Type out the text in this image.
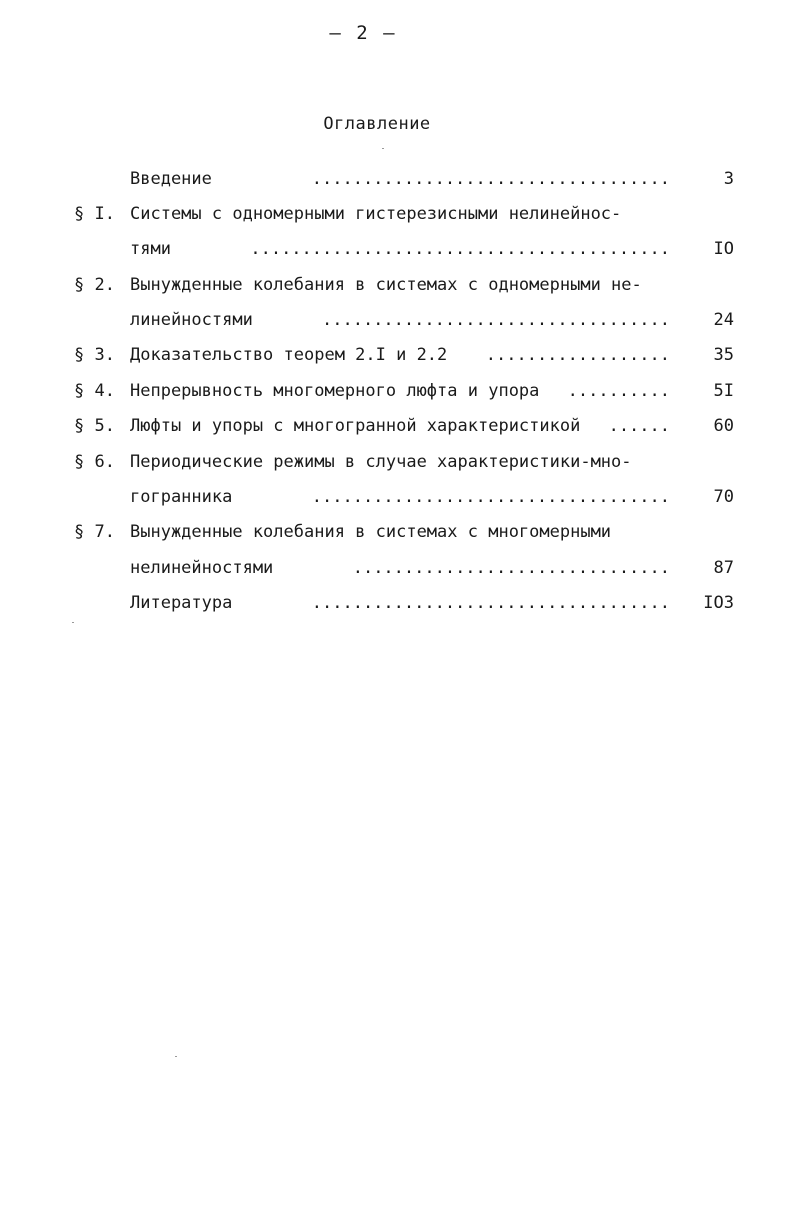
– 2 –
Оглавление
Введение	...................................	3
§ I. Системы с одномерными гистерезисными нелинейнос-
тями	.........................................	IO
§ 2. Вынужденные колебания в системах с одномерными не-
линейностями	..................................	24
§ 3. Доказательство теорем 2.I и 2.2 ..................	35
§ 4. Непрерывность многомерного люфта и упора ..........	5I
§ 5. Люфты и упоры с многогранной характеристикой ......	60
§ 6. Периодические режимы в случае характеристики-мно-
гогранника	...................................	70
§ 7. Вынужденные колебания в системах с многомерными
нелинейностями	...............................	87
Литература	...................................	IO3
